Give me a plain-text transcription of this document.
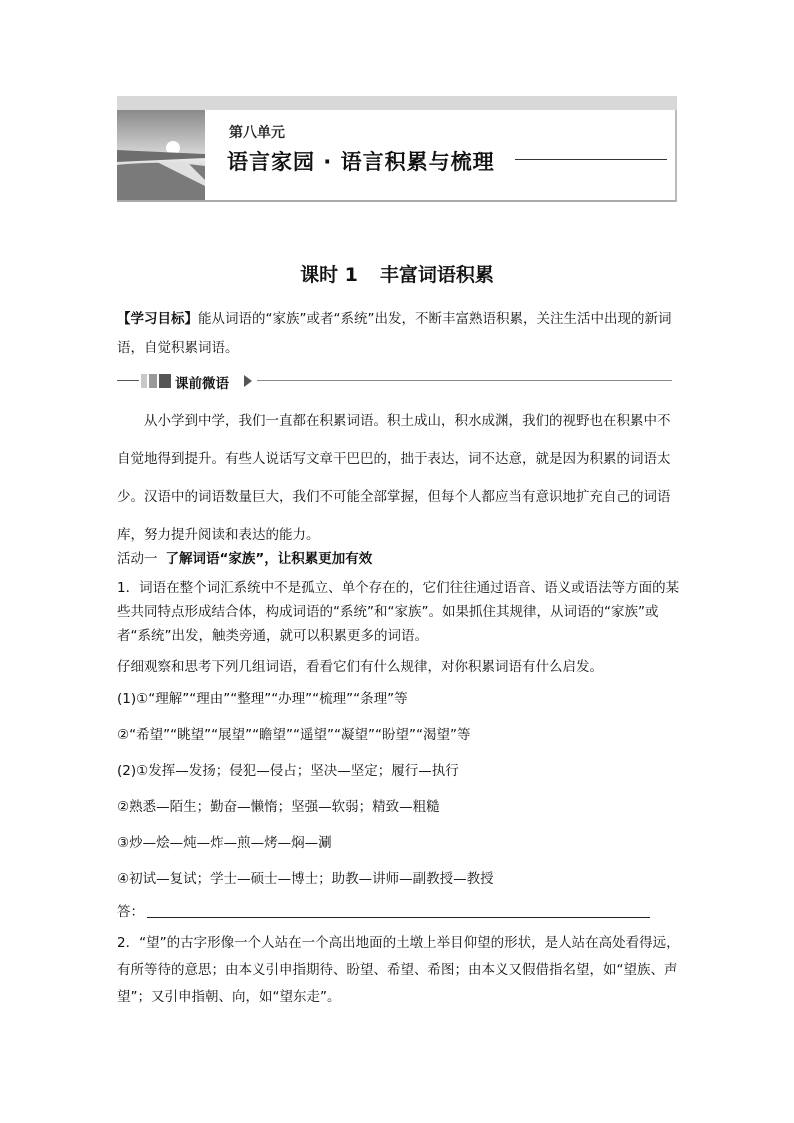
第八单元
语言家园 · 语言积累与梳理
课时 1 丰富词语积累

【学习目标】能从词语的“家族”或者“系统”出发，不断丰富熟语积累，关注生活中出现的新词语，自觉积累词语。

课前微语

从小学到中学，我们一直都在积累词语。积土成山，积水成渊，我们的视野也在积累中不自觉地得到提升。有些人说话写文章干巴巴的，拙于表达，词不达意，就是因为积累的词语太少。汉语中的词语数量巨大，我们不可能全部掌握，但每个人都应当有意识地扩充自己的词语库，努力提升阅读和表达的能力。

活动一 了解词语“家族”，让积累更加有效

1．词语在整个词汇系统中不是孤立、单个存在的，它们往往通过语音、语义或语法等方面的某些共同特点形成结合体，构成词语的“系统”和“家族”。如果抓住其规律，从词语的“家族”或者“系统”出发，触类旁通，就可以积累更多的词语。

仔细观察和思考下列几组词语，看看它们有什么规律，对你积累词语有什么启发。
(1)①“理解”“理由”“整理”“办理”“梳理”“条理”等
②“希望”“眺望”“展望”“瞻望”“遥望”“凝望”“盼望”“渴望”等
(2)①发挥—发扬；侵犯—侵占；坚决—坚定；履行—执行
②熟悉—陌生；勤奋—懒惰；坚强—软弱；精致—粗糙
③炒—烩—炖—炸—煎—烤—焖—涮
④初试—复试；学士—硕士—博士；助教—讲师—副教授—教授
答：

2．“望”的古字形像一个人站在一个高出地面的土墩上举目仰望的形状，是人站在高处看得远，有所等待的意思；由本义引申指期待、盼望、希望、希图；由本义又假借指名望，如“望族、声望”；又引申指朝、向，如“望东走”。
